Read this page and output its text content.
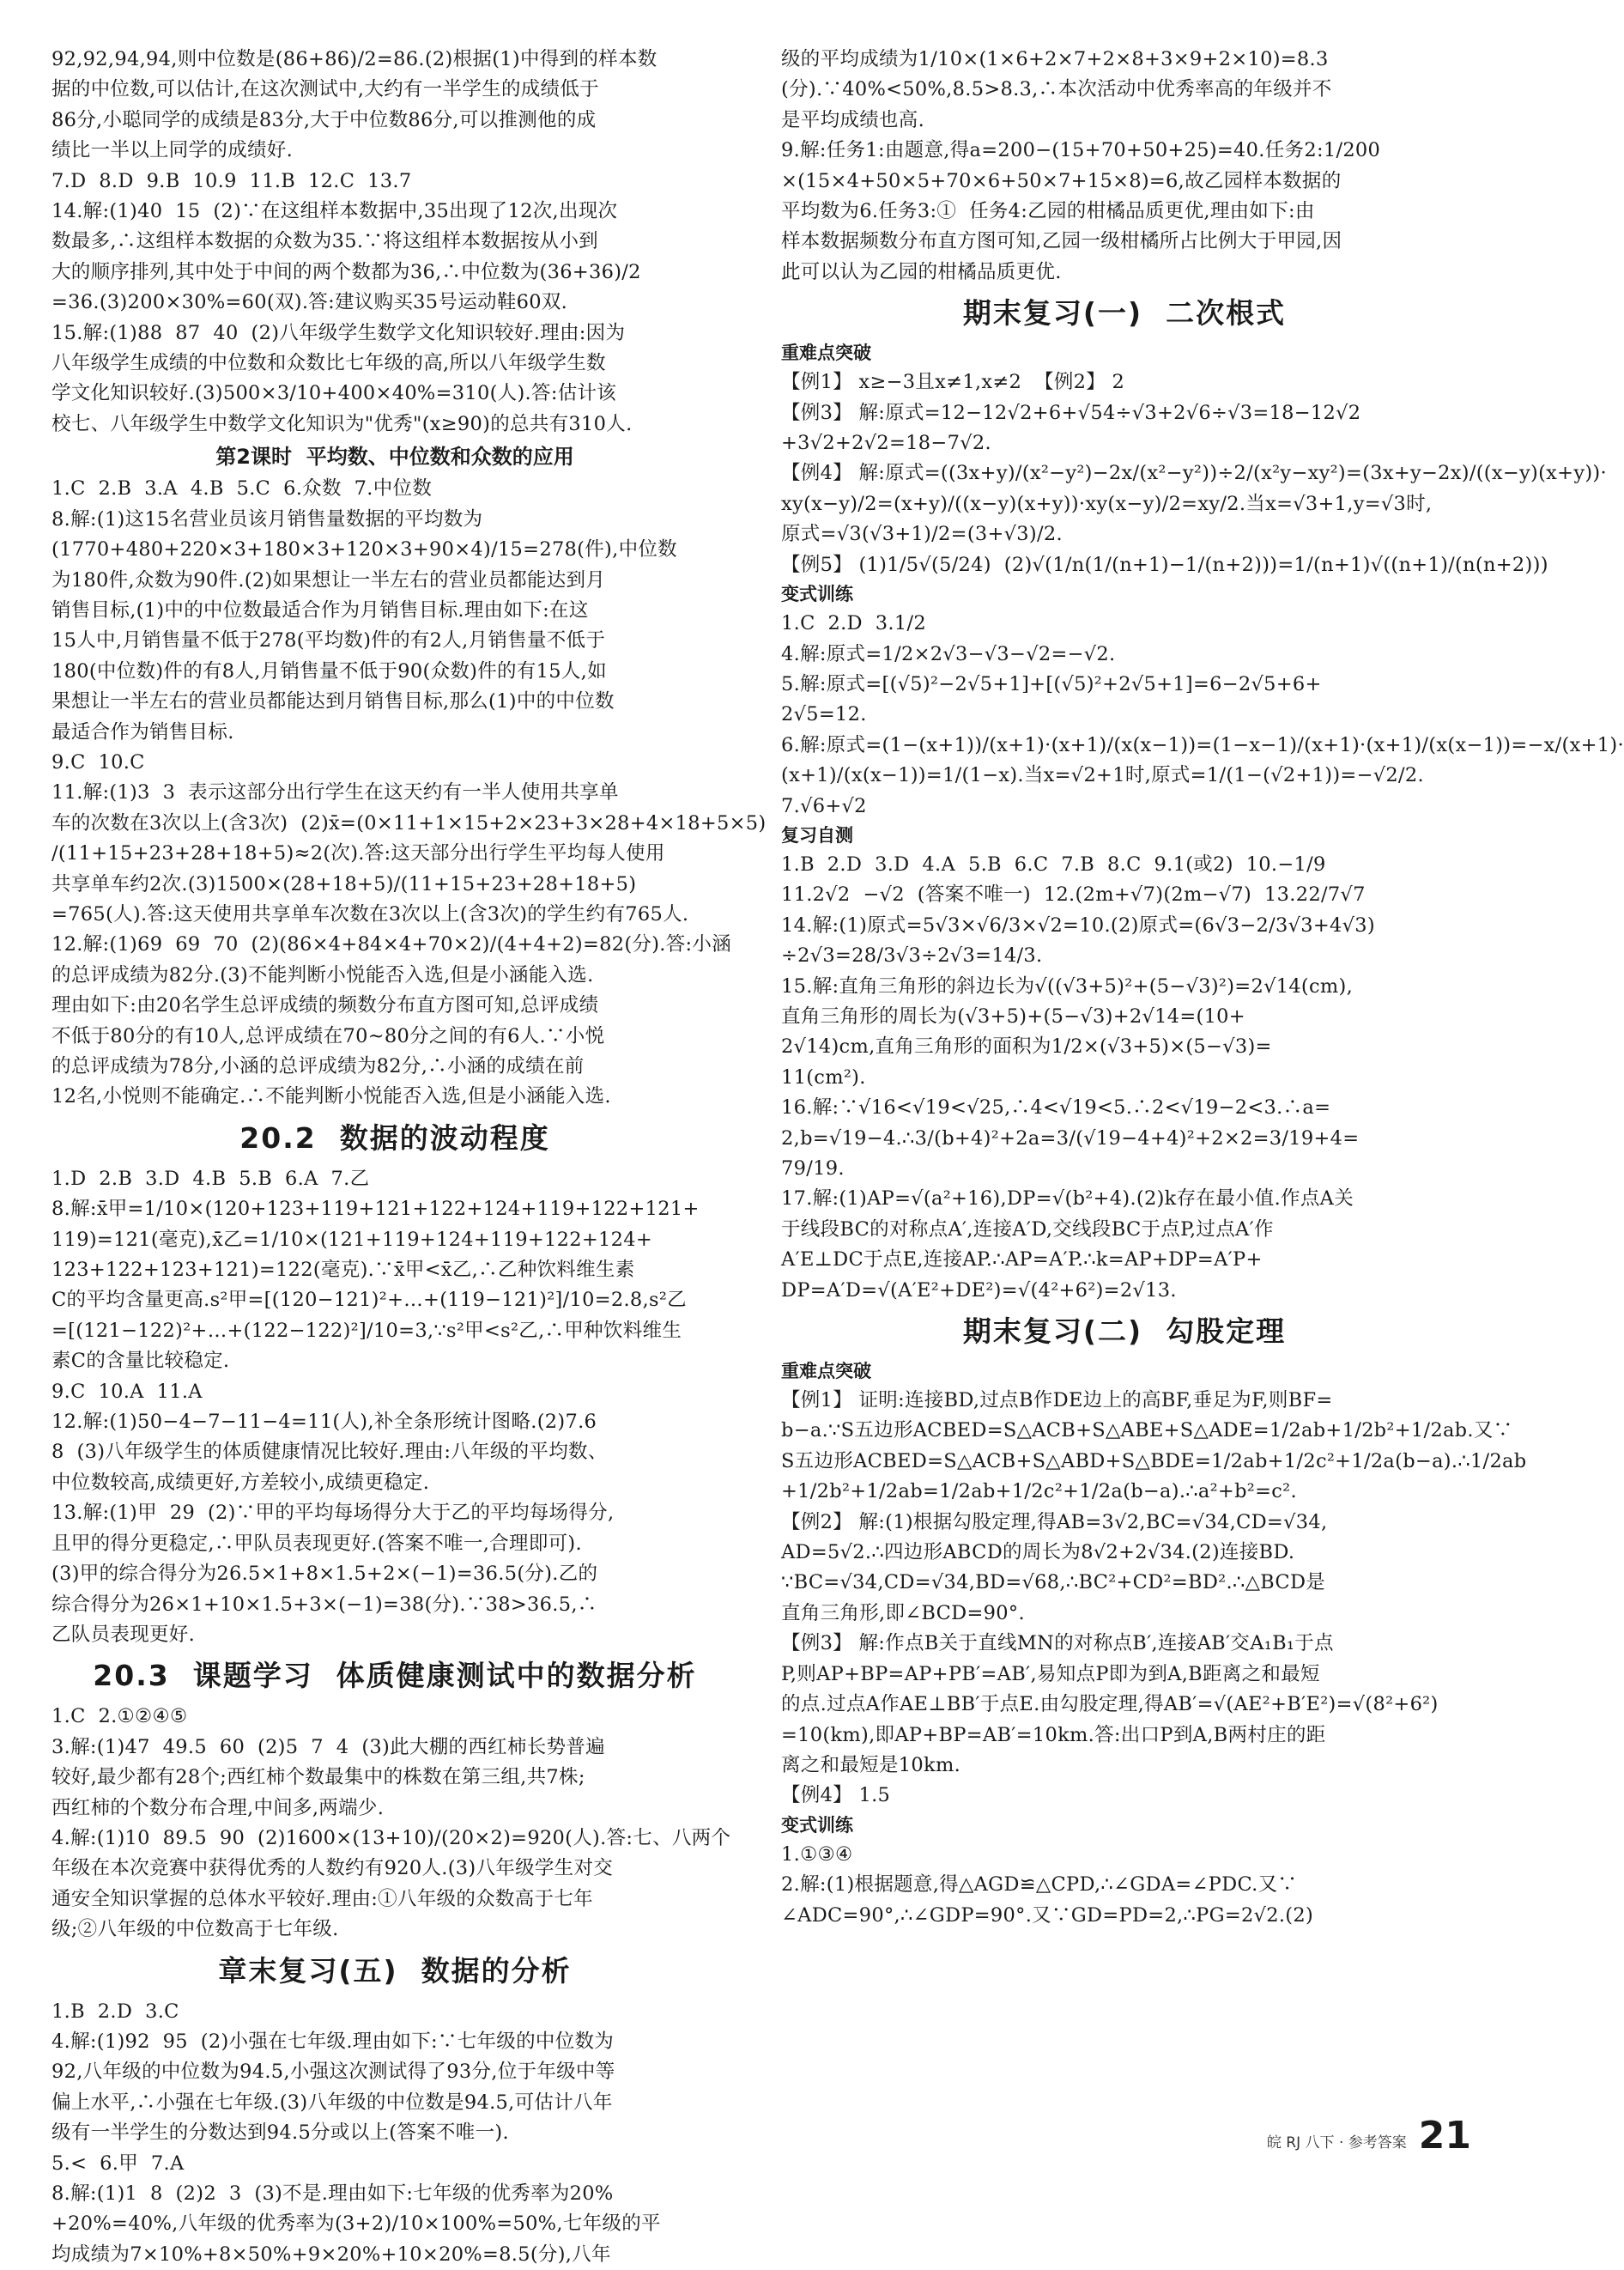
92,92,94,94,则中位数是(86+86)/2=86.(2)根据(1)中得到的样本数
据的中位数,可以估计,在这次测试中,大约有一半学生的成绩低于
86分,小聪同学的成绩是83分,大于中位数86分,可以推测他的成
绩比一半以上同学的成绩好.
7.D  8.D  9.B  10.9  11.B  12.C  13.7
14.解:(1)40  15  (2)∵在这组样本数据中,35出现了12次,出现次
数最多,∴这组样本数据的众数为35.∵将这组样本数据按从小到
大的顺序排列,其中处于中间的两个数都为36,∴中位数为(36+36)/2
=36.(3)200×30%=60(双).答:建议购买35号运动鞋60双.
15.解:(1)88  87  40  (2)八年级学生数学文化知识较好.理由:因为
八年级学生成绩的中位数和众数比七年级的高,所以八年级学生数
学文化知识较好.(3)500×3/10+400×40%=310(人).答:估计该
校七、八年级学生中数学文化知识为"优秀"(x≥90)的总共有310人.
第2课时  平均数、中位数和众数的应用
1.C  2.B  3.A  4.B  5.C  6.众数  7.中位数
8.解:(1)这15名营业员该月销售量数据的平均数为
(1770+480+220×3+180×3+120×3+90×4)/15=278(件),中位数
为180件,众数为90件.(2)如果想让一半左右的营业员都能达到月
销售目标,(1)中的中位数最适合作为月销售目标.理由如下:在这
15人中,月销售量不低于278(平均数)件的有2人,月销售量不低于
180(中位数)件的有8人,月销售量不低于90(众数)件的有15人,如
果想让一半左右的营业员都能达到月销售目标,那么(1)中的中位数
最适合作为销售目标.
9.C  10.C
11.解:(1)3  3  表示这部分出行学生在这天约有一半人使用共享单
车的次数在3次以上(含3次)  (2)x̄=(0×11+1×15+2×23+3×28+4×18+5×5)
/(11+15+23+28+18+5)≈2(次).答:这天部分出行学生平均每人使用
共享单车约2次.(3)1500×(28+18+5)/(11+15+23+28+18+5)
=765(人).答:这天使用共享单车次数在3次以上(含3次)的学生约有765人.
12.解:(1)69  69  70  (2)(86×4+84×4+70×2)/(4+4+2)=82(分).答:小涵
的总评成绩为82分.(3)不能判断小悦能否入选,但是小涵能入选.
理由如下:由20名学生总评成绩的频数分布直方图可知,总评成绩
不低于80分的有10人,总评成绩在70~80分之间的有6人.∵小悦
的总评成绩为78分,小涵的总评成绩为82分,∴小涵的成绩在前
12名,小悦则不能确定.∴不能判断小悦能否入选,但是小涵能入选.
20.2  数据的波动程度
1.D  2.B  3.D  4.B  5.B  6.A  7.乙
8.解:x̄甲=1/10×(120+123+119+121+122+124+119+122+121+
119)=121(毫克),x̄乙=1/10×(121+119+124+119+122+124+
123+122+123+121)=122(毫克).∵x̄甲<x̄乙,∴乙种饮料维生素
C的平均含量更高.s²甲=[(120−121)²+…+(119−121)²]/10=2.8,s²乙
=[(121−122)²+…+(122−122)²]/10=3,∵s²甲<s²乙,∴甲种饮料维生
素C的含量比较稳定.
9.C  10.A  11.A
12.解:(1)50−4−7−11−4=11(人),补全条形统计图略.(2)7.6
8  (3)八年级学生的体质健康情况比较好.理由:八年级的平均数、
中位数较高,成绩更好,方差较小,成绩更稳定.
13.解:(1)甲  29  (2)∵甲的平均每场得分大于乙的平均每场得分,
且甲的得分更稳定,∴甲队员表现更好.(答案不唯一,合理即可).
(3)甲的综合得分为26.5×1+8×1.5+2×(−1)=36.5(分).乙的
综合得分为26×1+10×1.5+3×(−1)=38(分).∵38>36.5,∴
乙队员表现更好.
20.3  课题学习  体质健康测试中的数据分析
1.C  2.①②④⑤
3.解:(1)47  49.5  60  (2)5  7  4  (3)此大棚的西红柿长势普遍
较好,最少都有28个;西红柿个数最集中的株数在第三组,共7株;
西红柿的个数分布合理,中间多,两端少.
4.解:(1)10  89.5  90  (2)1600×(13+10)/(20×2)=920(人).答:七、八两个
年级在本次竞赛中获得优秀的人数约有920人.(3)八年级学生对交
通安全知识掌握的总体水平较好.理由:①八年级的众数高于七年
级;②八年级的中位数高于七年级.
章末复习(五)  数据的分析
1.B  2.D  3.C
4.解:(1)92  95  (2)小强在七年级.理由如下:∵七年级的中位数为
92,八年级的中位数为94.5,小强这次测试得了93分,位于年级中等
偏上水平,∴小强在七年级.(3)八年级的中位数是94.5,可估计八年
级有一半学生的分数达到94.5分或以上(答案不唯一).
5.<  6.甲  7.A
8.解:(1)1  8  (2)2  3  (3)不是.理由如下:七年级的优秀率为20%
+20%=40%,八年级的优秀率为(3+2)/10×100%=50%,七年级的平
均成绩为7×10%+8×50%+9×20%+10×20%=8.5(分),八年
级的平均成绩为1/10×(1×6+2×7+2×8+3×9+2×10)=8.3
(分).∵40%<50%,8.5>8.3,∴本次活动中优秀率高的年级并不
是平均成绩也高.
9.解:任务1:由题意,得a=200−(15+70+50+25)=40.任务2:1/200
×(15×4+50×5+70×6+50×7+15×8)=6,故乙园样本数据的
平均数为6.任务3:①  任务4:乙园的柑橘品质更优,理由如下:由
样本数据频数分布直方图可知,乙园一级柑橘所占比例大于甲园,因
此可以认为乙园的柑橘品质更优.
期末复习(一)  二次根式
重难点突破
【例1】 x≥−3且x≠1,x≠2  【例2】 2
【例3】 解:原式=12−12√2+6+√54÷√3+2√6÷√3=18−12√2
+3√2+2√2=18−7√2.
【例4】 解:原式=((3x+y)/(x²−y²)−2x/(x²−y²))÷2/(x²y−xy²)=(3x+y−2x)/((x−y)(x+y))·
xy(x−y)/2=(x+y)/((x−y)(x+y))·xy(x−y)/2=xy/2.当x=√3+1,y=√3时,
原式=√3(√3+1)/2=(3+√3)/2.
【例5】 (1)1/5√(5/24)  (2)√(1/n(1/(n+1)−1/(n+2)))=1/(n+1)√((n+1)/(n(n+2)))
变式训练
1.C  2.D  3.1/2
4.解:原式=1/2×2√3−√3−√2=−√2.
5.解:原式=[(√5)²−2√5+1]+[(√5)²+2√5+1]=6−2√5+6+
2√5=12.
6.解:原式=(1−(x+1))/(x+1)·(x+1)/(x(x−1))=(1−x−1)/(x+1)·(x+1)/(x(x−1))=−x/(x+1)·
(x+1)/(x(x−1))=1/(1−x).当x=√2+1时,原式=1/(1−(√2+1))=−√2/2.
7.√6+√2
复习自测
1.B  2.D  3.D  4.A  5.B  6.C  7.B  8.C  9.1(或2)  10.−1/9
11.2√2  −√2  (答案不唯一)  12.(2m+√7)(2m−√7)  13.22/7√7
14.解:(1)原式=5√3×√6/3×√2=10.(2)原式=(6√3−2/3√3+4√3)
÷2√3=28/3√3÷2√3=14/3.
15.解:直角三角形的斜边长为√((√3+5)²+(5−√3)²)=2√14(cm),
直角三角形的周长为(√3+5)+(5−√3)+2√14=(10+
2√14)cm,直角三角形的面积为1/2×(√3+5)×(5−√3)=
11(cm²).
16.解:∵√16<√19<√25,∴4<√19<5.∴2<√19−2<3.∴a=
2,b=√19−4.∴3/(b+4)²+2a=3/(√19−4+4)²+2×2=3/19+4=
79/19.
17.解:(1)AP=√(a²+16),DP=√(b²+4).(2)k存在最小值.作点A关
于线段BC的对称点A′,连接A′D,交线段BC于点P,过点A′作
A′E⊥DC于点E,连接AP.∴AP=A′P.∴k=AP+DP=A′P+
DP=A′D=√(A′E²+DE²)=√(4²+6²)=2√13.
期末复习(二)  勾股定理
重难点突破
【例1】 证明:连接BD,过点B作DE边上的高BF,垂足为F,则BF=
b−a.∵S五边形ACBED=S△ACB+S△ABE+S△ADE=1/2ab+1/2b²+1/2ab.又∵
S五边形ACBED=S△ACB+S△ABD+S△BDE=1/2ab+1/2c²+1/2a(b−a).∴1/2ab
+1/2b²+1/2ab=1/2ab+1/2c²+1/2a(b−a).∴a²+b²=c².
【例2】 解:(1)根据勾股定理,得AB=3√2,BC=√34,CD=√34,
AD=5√2.∴四边形ABCD的周长为8√2+2√34.(2)连接BD.
∵BC=√34,CD=√34,BD=√68,∴BC²+CD²=BD².∴△BCD是
直角三角形,即∠BCD=90°.
【例3】 解:作点B关于直线MN的对称点B′,连接AB′交A₁B₁于点
P,则AP+BP=AP+PB′=AB′,易知点P即为到A,B距离之和最短
的点.过点A作AE⊥BB′于点E.由勾股定理,得AB′=√(AE²+B′E²)=√(8²+6²)
=10(km),即AP+BP=AB′=10km.答:出口P到A,B两村庄的距
离之和最短是10km.
【例4】 1.5
变式训练
1.①③④
2.解:(1)根据题意,得△AGD≌△CPD,∴∠GDA=∠PDC.又∵
∠ADC=90°,∴∠GDP=90°.又∵GD=PD=2,∴PG=2√2.(2)
皖 RJ 八下 · 参考答案 21
